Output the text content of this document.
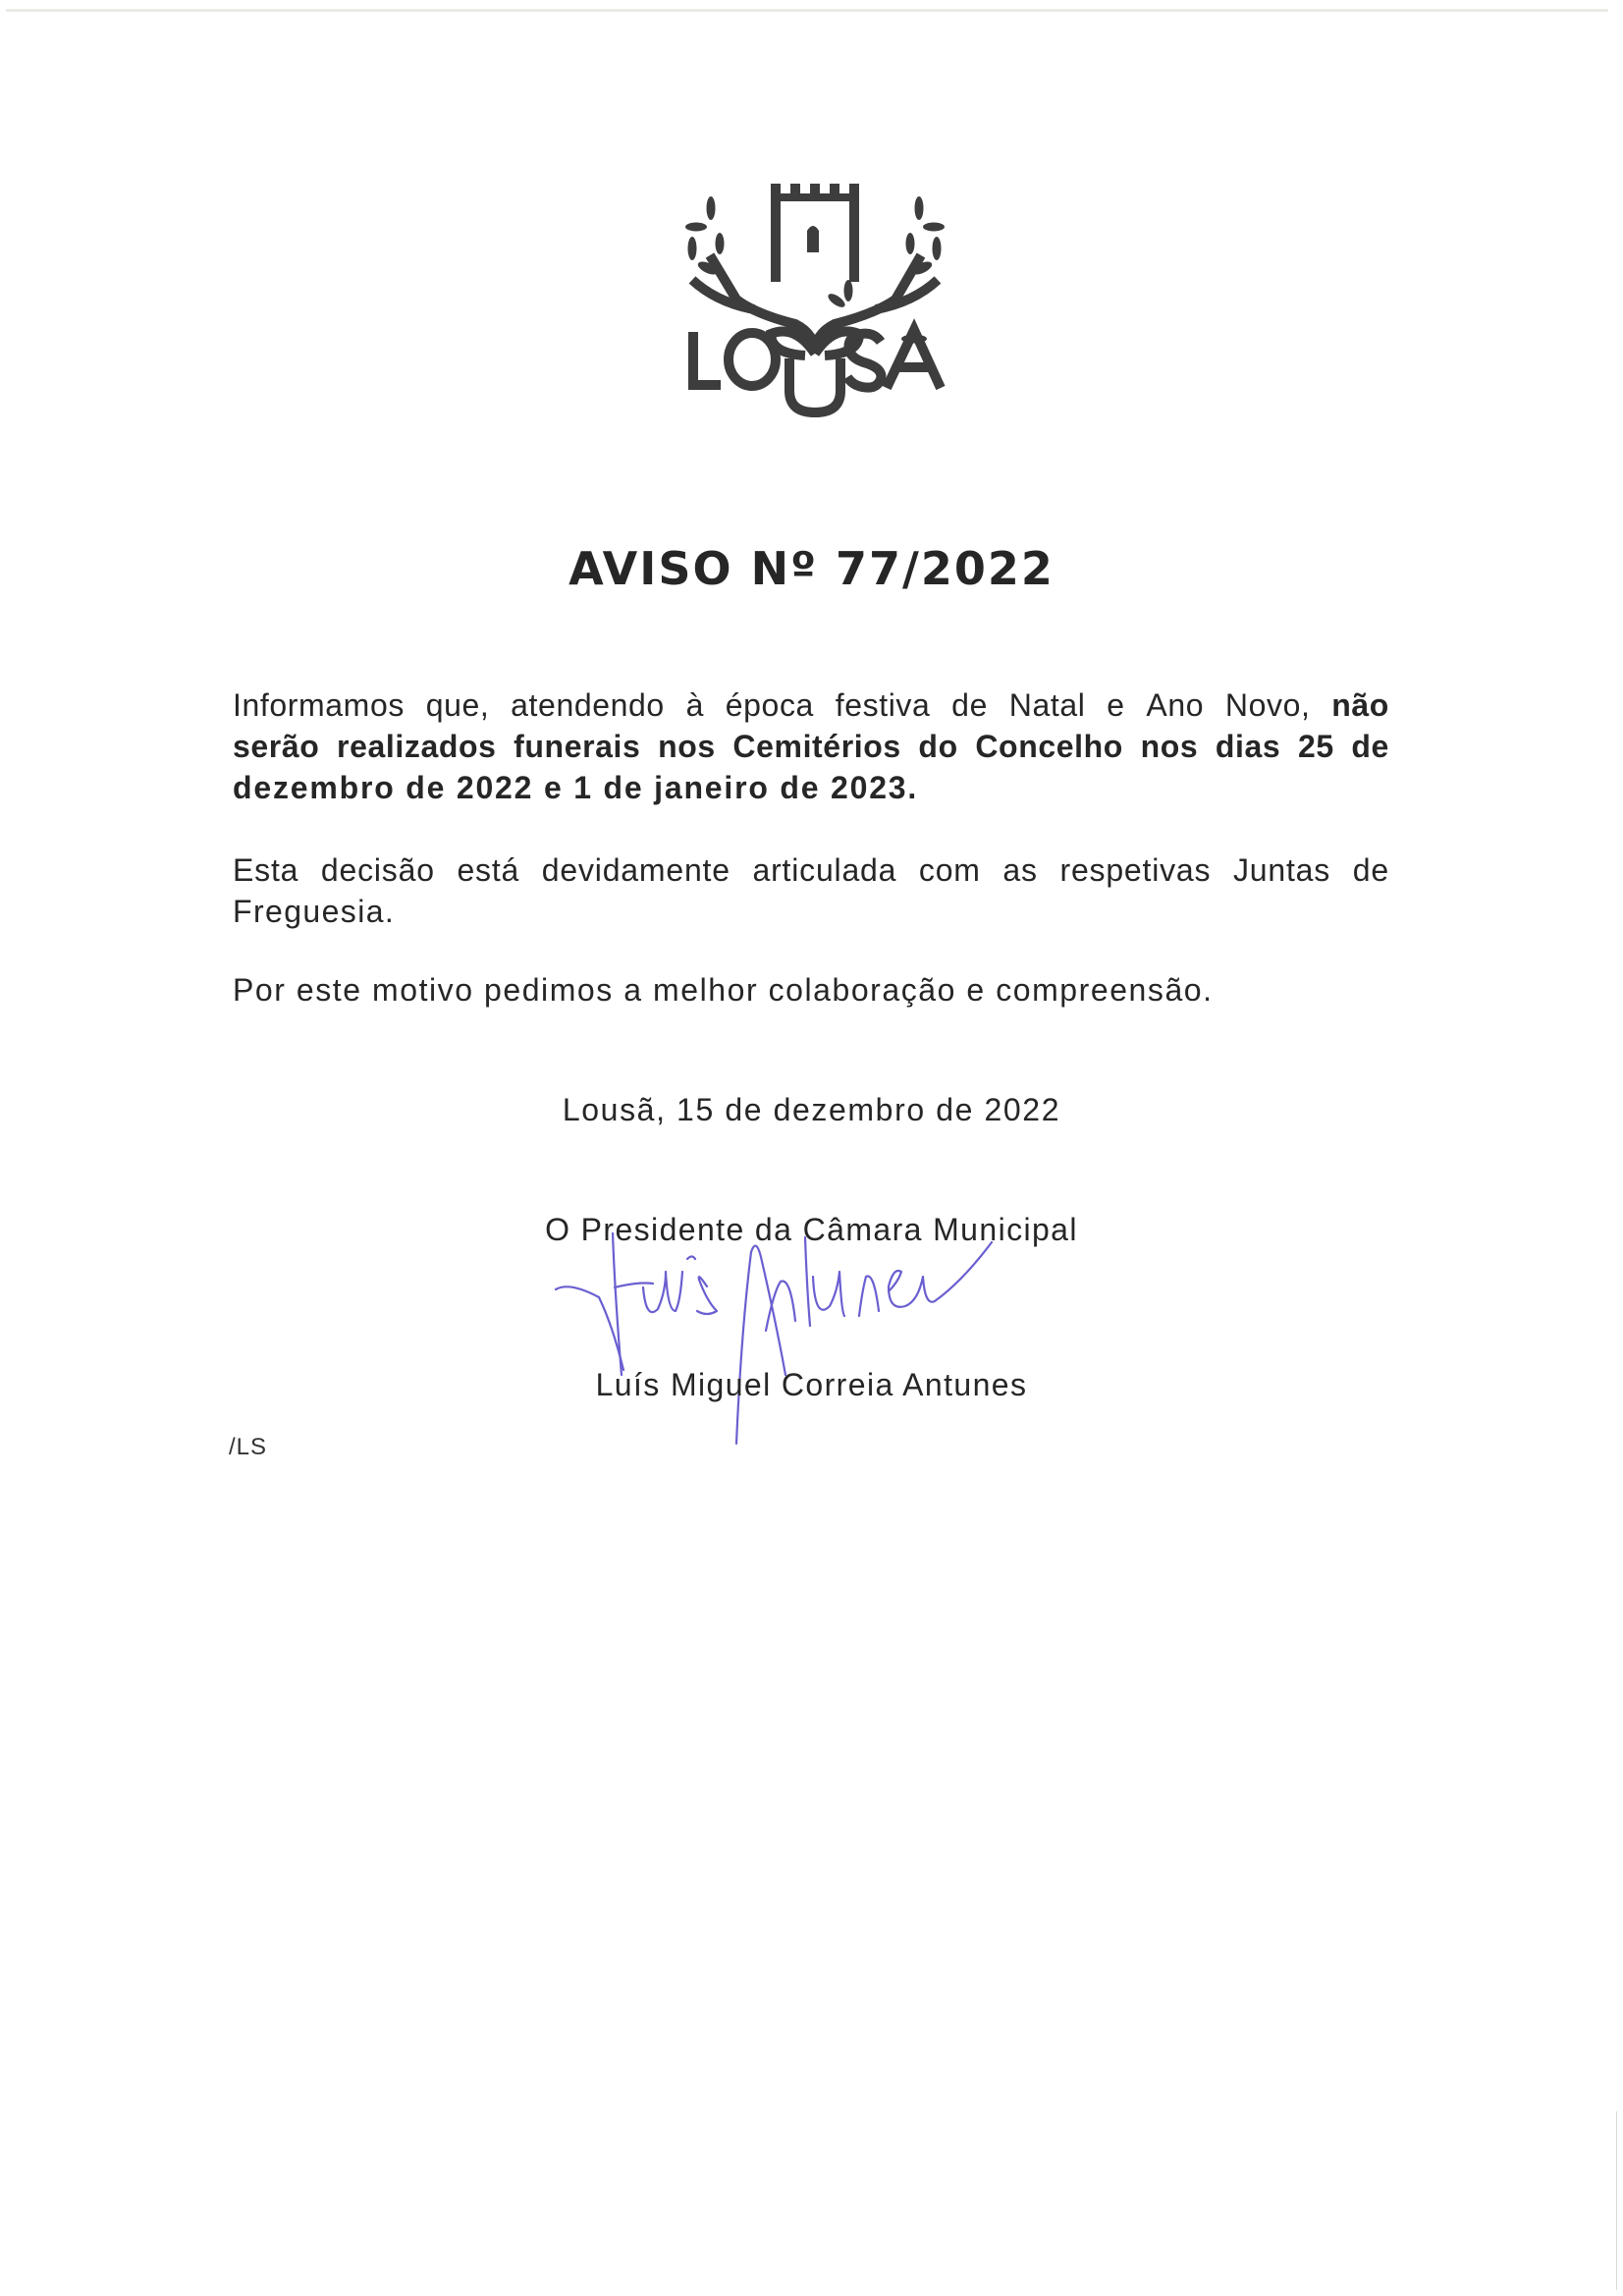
AVISO Nº 77/2022
Informamos que, atendendo à época festiva de Natal e Ano Novo, não
serão realizados funerais nos Cemitérios do Concelho nos dias 25 de
dezembro de 2022 e 1 de janeiro de 2023.
Esta decisão está devidamente articulada com as respetivas Juntas de
Freguesia.
Por este motivo pedimos a melhor colaboração e compreensão.
Lousã, 15 de dezembro de 2022
O Presidente da Câmara Municipal
Luís Miguel Correia Antunes
/LS
